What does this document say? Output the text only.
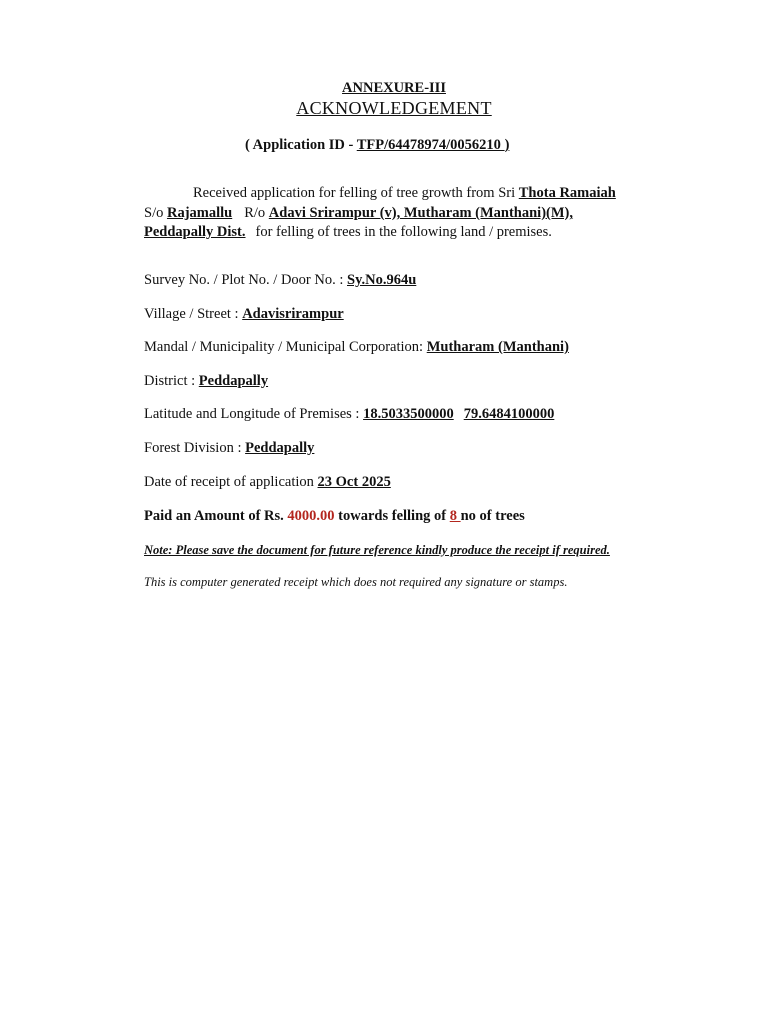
ANNEXURE-III
ACKNOWLEDGEMENT
( Application ID - TFP/64478974/0056210 )
Received application for felling of tree growth from Sri Thota Ramaiah
S/o Rajamallu R/o Adavi Srirampur (v), Mutharam (Manthani)(M),
Peddapally Dist. for felling of trees in the following land / premises.
Survey No. / Plot No. / Door No. : Sy.No.964u
Village / Street : Adavisrirampur
Mandal / Municipality / Municipal Corporation: Mutharam (Manthani)
District : Peddapally
Latitude and Longitude of Premises : 18.5033500000 79.6484100000
Forest Division : Peddapally
Date of receipt of application 23 Oct 2025
Paid an Amount of Rs. 4000.00 towards felling of 8 no of trees
Note: Please save the document for future reference kindly produce the receipt if required.
This is computer generated receipt which does not required any signature or stamps.
